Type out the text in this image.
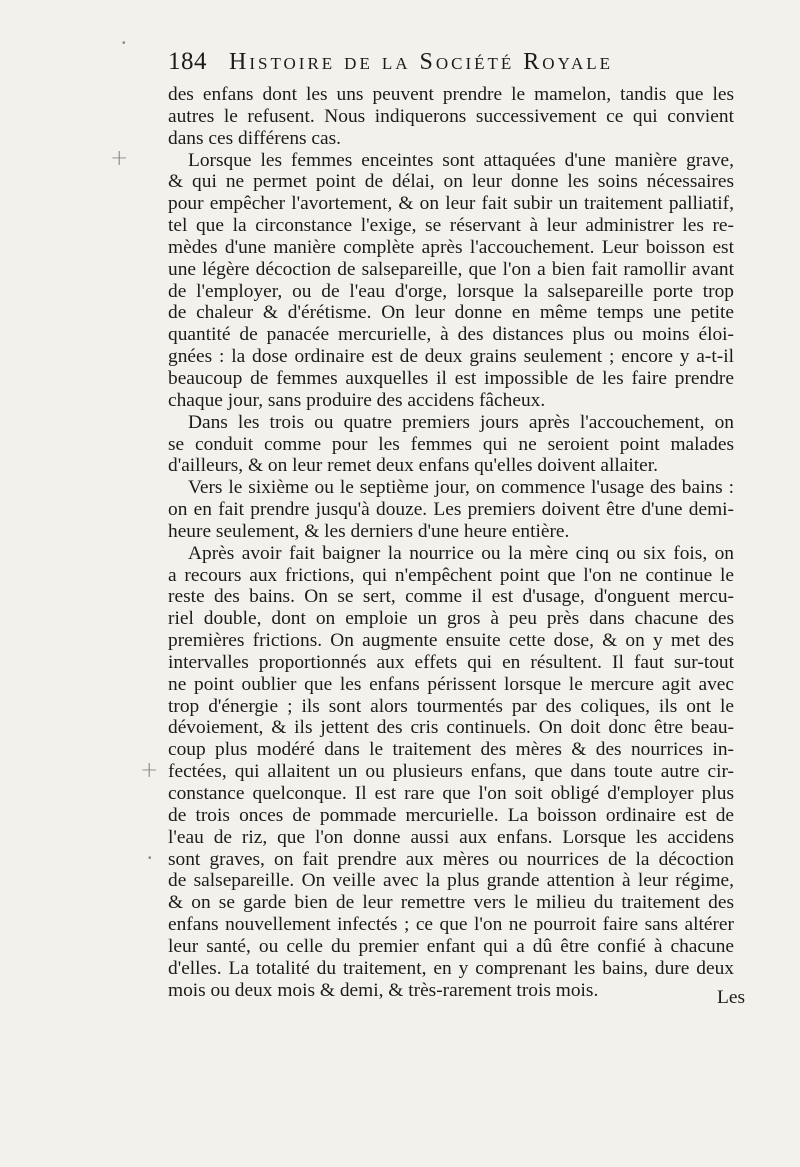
184 Histoire de la Société Royale
des enfans dont les uns peuvent prendre le mamelon, tandis que les
autres le refusent. Nous indiquerons successivement ce qui convient
dans ces différens cas.
Lorsque les femmes enceintes sont attaquées d'une manière grave,
& qui ne permet point de délai, on leur donne les soins nécessaires
pour empêcher l'avortement, & on leur fait subir un traitement palliatif,
tel que la circonstance l'exige, se réservant à leur administrer les re-
mèdes d'une manière complète après l'accouchement. Leur boisson est
une légère décoction de salsepareille, que l'on a bien fait ramollir avant
de l'employer, ou de l'eau d'orge, lorsque la salsepareille porte trop
de chaleur & d'érétisme. On leur donne en même temps une petite
quantité de panacée mercurielle, à des distances plus ou moins éloi-
gnées : la dose ordinaire est de deux grains seulement ; encore y a-t-il
beaucoup de femmes auxquelles il est impossible de les faire prendre
chaque jour, sans produire des accidens fâcheux.
Dans les trois ou quatre premiers jours après l'accouchement, on
se conduit comme pour les femmes qui ne seroient point malades
d'ailleurs, & on leur remet deux enfans qu'elles doivent allaiter.
Vers le sixième ou le septième jour, on commence l'usage des bains :
on en fait prendre jusqu'à douze. Les premiers doivent être d'une demi-
heure seulement, & les derniers d'une heure entière.
Après avoir fait baigner la nourrice ou la mère cinq ou six fois, on
a recours aux frictions, qui n'empêchent point que l'on ne continue le
reste des bains. On se sert, comme il est d'usage, d'onguent mercu-
riel double, dont on emploie un gros à peu près dans chacune des
premières frictions. On augmente ensuite cette dose, & on y met des
intervalles proportionnés aux effets qui en résultent. Il faut sur-tout
ne point oublier que les enfans périssent lorsque le mercure agit avec
trop d'énergie ; ils sont alors tourmentés par des coliques, ils ont le
dévoiement, & ils jettent des cris continuels. On doit donc être beau-
coup plus modéré dans le traitement des mères & des nourrices in-
fectées, qui allaitent un ou plusieurs enfans, que dans toute autre cir-
constance quelconque. Il est rare que l'on soit obligé d'employer plus
de trois onces de pommade mercurielle. La boisson ordinaire est de
l'eau de riz, que l'on donne aussi aux enfans. Lorsque les accidens
sont graves, on fait prendre aux mères ou nourrices de la décoction
de salsepareille. On veille avec la plus grande attention à leur régime,
& on se garde bien de leur remettre vers le milieu du traitement des
enfans nouvellement infectés ; ce que l'on ne pourroit faire sans altérer
leur santé, ou celle du premier enfant qui a dû être confié à chacune
d'elles. La totalité du traitement, en y comprenant les bains, dure deux
mois ou deux mois & demi, & très-rarement trois mois.	Les
+
+
•
•
